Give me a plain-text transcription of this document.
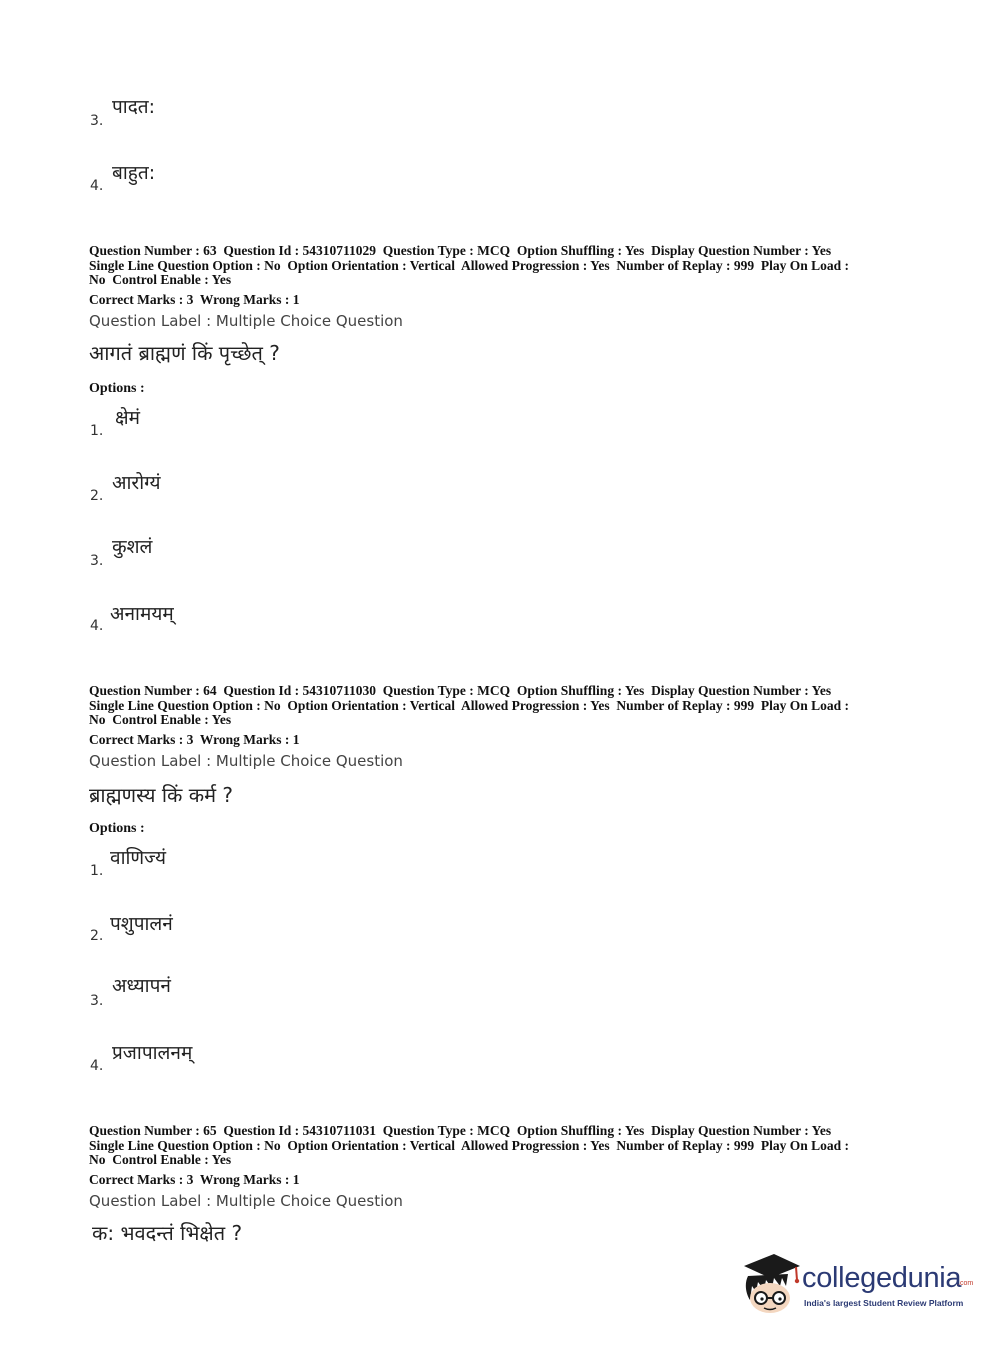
3.
पादत:
4.
बाहुत:
Question Number : 63  Question Id : 54310711029  Question Type : MCQ  Option Shuffling : Yes  Display Question Number : Yes
Single Line Question Option : No  Option Orientation : Vertical  Allowed Progression : Yes  Number of Replay : 999  Play On Load :
No  Control Enable : Yes
Correct Marks : 3  Wrong Marks : 1
Question Label : Multiple Choice Question
आगतं ब्राह्मणं किं पृच्छेत् ?
Options :
1.
क्षेमं
2.
आरोग्यं
3.
कुशलं
4.
अनामयम्
Question Number : 64  Question Id : 54310711030  Question Type : MCQ  Option Shuffling : Yes  Display Question Number : Yes
Single Line Question Option : No  Option Orientation : Vertical  Allowed Progression : Yes  Number of Replay : 999  Play On Load :
No  Control Enable : Yes
Correct Marks : 3  Wrong Marks : 1
Question Label : Multiple Choice Question
ब्राह्मणस्य किं कर्म ?
Options :
1.
वाणिज्यं
2.
पशुपालनं
3.
अध्यापनं
4.
प्रजापालनम्
Question Number : 65  Question Id : 54310711031  Question Type : MCQ  Option Shuffling : Yes  Display Question Number : Yes
Single Line Question Option : No  Option Orientation : Vertical  Allowed Progression : Yes  Number of Replay : 999  Play On Load :
No  Control Enable : Yes
Correct Marks : 3  Wrong Marks : 1
Question Label : Multiple Choice Question
क: भवदन्तं भिक्षेत ?
collegedunia
.com
India's largest Student Review Platform
